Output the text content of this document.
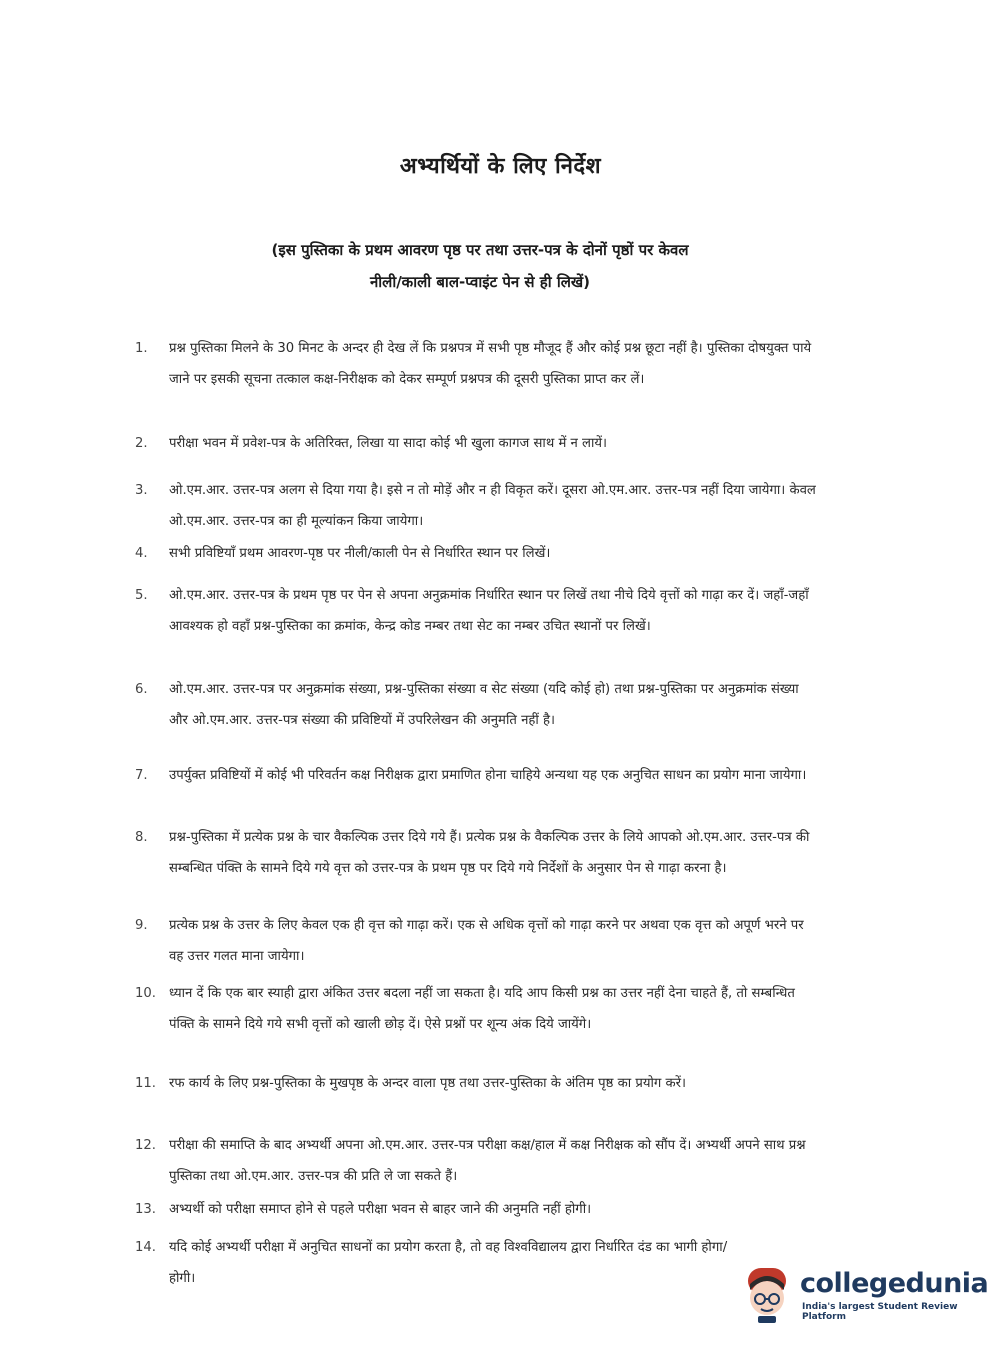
अभ्यर्थियों के लिए निर्देश
(इस पुस्तिका के प्रथम आवरण पृष्ठ पर तथा उत्तर-पत्र के दोनों पृष्ठों पर केवल
नीली/काली बाल-प्वाइंट पेन से ही लिखें)
1.	प्रश्न पुस्तिका मिलने के 30 मिनट के अन्दर ही देख लें कि प्रश्नपत्र में सभी पृष्ठ मौजूद हैं और कोई प्रश्न छूटा नहीं है। पुस्तिका दोषयुक्त पाये जाने पर इसकी सूचना तत्काल कक्ष-निरीक्षक को देकर सम्पूर्ण प्रश्नपत्र की दूसरी पुस्तिका प्राप्त कर लें।
2.	परीक्षा भवन में प्रवेश-पत्र के अतिरिक्त, लिखा या सादा कोई भी खुला कागज साथ में न लायें।
3.	ओ.एम.आर. उत्तर-पत्र अलग से दिया गया है। इसे न तो मोड़ें और न ही विकृत करें। दूसरा ओ.एम.आर. उत्तर-पत्र नहीं दिया जायेगा। केवल ओ.एम.आर. उत्तर-पत्र का ही मूल्यांकन किया जायेगा।
4.	सभी प्रविष्टियाँ प्रथम आवरण-पृष्ठ पर नीली/काली पेन से निर्धारित स्थान पर लिखें।
5.	ओ.एम.आर. उत्तर-पत्र के प्रथम पृष्ठ पर पेन से अपना अनुक्रमांक निर्धारित स्थान पर लिखें तथा नीचे दिये वृत्तों को गाढ़ा कर दें। जहाँ-जहाँ आवश्यक हो वहाँ प्रश्न-पुस्तिका का क्रमांक, केन्द्र कोड नम्बर तथा सेट का नम्बर उचित स्थानों पर लिखें।
6.	ओ.एम.आर. उत्तर-पत्र पर अनुक्रमांक संख्या, प्रश्न-पुस्तिका संख्या व सेट संख्या (यदि कोई हो) तथा प्रश्न-पुस्तिका पर अनुक्रमांक संख्या और ओ.एम.आर. उत्तर-पत्र संख्या की प्रविष्टियों में उपरिलेखन की अनुमति नहीं है।
7.	उपर्युक्त प्रविष्टियों में कोई भी परिवर्तन कक्ष निरीक्षक द्वारा प्रमाणित होना चाहिये अन्यथा यह एक अनुचित साधन का प्रयोग माना जायेगा।
8.	प्रश्न-पुस्तिका में प्रत्येक प्रश्न के चार वैकल्पिक उत्तर दिये गये हैं। प्रत्येक प्रश्न के वैकल्पिक उत्तर के लिये आपको ओ.एम.आर. उत्तर-पत्र की सम्बन्धित पंक्ति के सामने दिये गये वृत्त को उत्तर-पत्र के प्रथम पृष्ठ पर दिये गये निर्देशों के अनुसार पेन से गाढ़ा करना है।
9.	प्रत्येक प्रश्न के उत्तर के लिए केवल एक ही वृत्त को गाढ़ा करें। एक से अधिक वृत्तों को गाढ़ा करने पर अथवा एक वृत्त को अपूर्ण भरने पर वह उत्तर गलत माना जायेगा।
10. ध्यान दें कि एक बार स्याही द्वारा अंकित उत्तर बदला नहीं जा सकता है। यदि आप किसी प्रश्न का उत्तर नहीं देना चाहते हैं, तो सम्बन्धित पंक्ति के सामने दिये गये सभी वृत्तों को खाली छोड़ दें। ऐसे प्रश्नों पर शून्य अंक दिये जायेंगे।
11. रफ कार्य के लिए प्रश्न-पुस्तिका के मुखपृष्ठ के अन्दर वाला पृष्ठ तथा उत्तर-पुस्तिका के अंतिम पृष्ठ का प्रयोग करें।
12. परीक्षा की समाप्ति के बाद अभ्यर्थी अपना ओ.एम.आर. उत्तर-पत्र परीक्षा कक्ष/हाल में कक्ष निरीक्षक को सौंप दें। अभ्यर्थी अपने साथ प्रश्न पुस्तिका तथा ओ.एम.आर. उत्तर-पत्र की प्रति ले जा सकते हैं।
13. अभ्यर्थी को परीक्षा समाप्त होने से पहले परीक्षा भवन से बाहर जाने की अनुमति नहीं होगी।
14. यदि कोई अभ्यर्थी परीक्षा में अनुचित साधनों का प्रयोग करता है, तो वह विश्वविद्यालय द्वारा निर्धारित दंड का भागी होगा/होगी।	collegedunia
India's largest Student Review Platform
